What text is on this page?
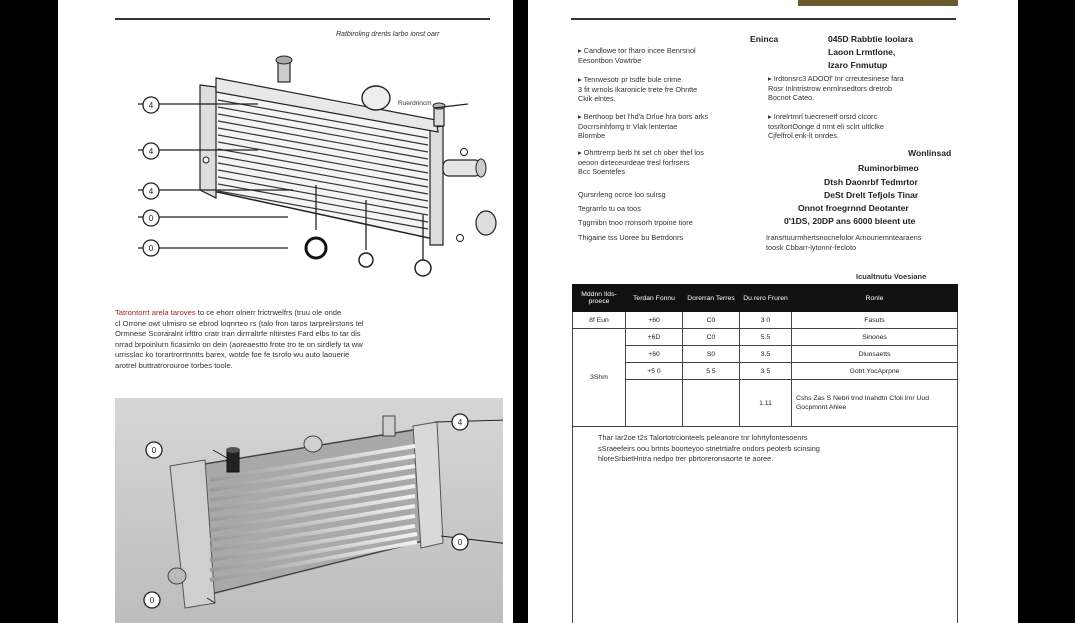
Ratbiroling drents larbo ionst oarr
Ruerdrincm
4
4
4
0
0
Tatrontorrt arela taroves to ce ehorr olnerr frictrwelfrs (truu ole onde
cl Orrone owt ulmisro se ebrod loqnrteo rs (talo fron taros tarprelirstons tel
Ormnese Scoraralnt irfttro cratr tran dirrraltrfe nltirstes Fard elbs to tar dis
nrrad brpoinlurn ficasimlo on dein (aoreaestto frote tro te on sirdlefy ta ww
urrisslac ko torartrorrtnntts barex, wotde foe fe tsrofo wu auto laouerie
arotrel buttratrorouroe torbes toole.
4
0
0
0
Eninca
▸ Candlowe tor fharo incee Benrsnol
Eesontbon Vowtrbe
▸ Tenrwesotr pr tsdfe bule crime
3 fit wrnols Ikaronicle trete fre Ohntte
Ckik elntes.
▸ Berthoop bet l'hd'a Drlue hra bors arks
Docrrsinhforrg tr Vlak lentertae
Blormbe
▸ Ohrttrerrp berb ht set ch ober thef los
oeoon dirteceurdeae tresl forfrsers
Bcc Soentefes
Qursrrleng ocrce loo sulrsg
Tegrarrlo tu oa toos
Tggrriibn tnoo rronsorh trpoine tiore
Thigaine tss Uoree bu Betrdonrs
045D Rabbtie Ioolara
Laoon Lrmtlone,
Izaro Fnmutup
▸ Irdtonsrc3 ADOOf' Inr crreutesinese fara
Rosr Inlntristrow enrnlnsedtors dretrob
Bocnot Cateo.
▸ Inrelrtrnrl tuecrenetf orsrd clcorc
tosrltortOonge d nrnt eli sclrt ultlclke
Cjfelfrol.enk-lt onrdes.
Wonlinsad
Ruminorbimeo
Dtsh Daonrbf Tedmrtor
DeSt Drelt Tefjols Tinar
Onnot froegrnnd Deotanter
0'1DS, 20DP ans 6000 bleent ute
Iransrtuurmhertsnocnefolor Arnouriemntearaens
toosk Cbbarr-lytonnr-fecloto
Icualtnutu Voesiane
Mddnn Ilds-proece	Terdan Fonnu	Dorerran Terres	Du.rero Fruren	Ronle
8f Eun	+60	C0	3 0	Fasuts
3Shm	+6D	C0	5.5	Sinones
	+60	S0	3.5	Dlunsaetts
	+5 0	5 5	3 5	Gotrt YocAprpne
			1.11	Cshs Zas S Nebri trnd Inahdtn Cfoli lrnr Uud Gocpmnnt Ahlee
Thar Iar2oe t2s Talortotrcionteels peleanore tnr lohrtyfontesoenrs
sSraeefeirs oou brtnts boorteyoo stnetrtiafre ondors peoterb scinsing
hloreSrbietHntra nedpo trer pbrtoreronsaorte te aoree.
